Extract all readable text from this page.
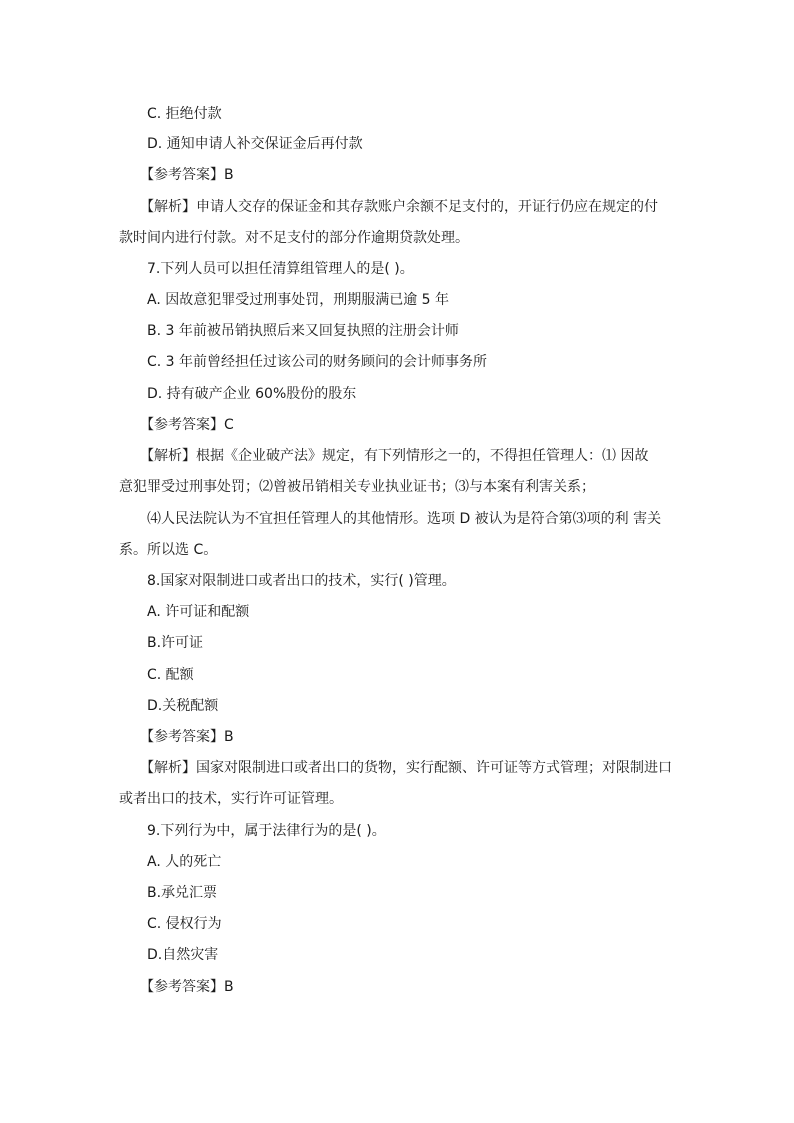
C. 拒绝付款
D. 通知申请人补交保证金后再付款
【参考答案】B
【解析】申请人交存的保证金和其存款账户余额不足支付的，开证行仍应在规定的付
款时间内进行付款。对不足支付的部分作逾期贷款处理。
7.下列人员可以担任清算组管理人的是( )。
A. 因故意犯罪受过刑事处罚，刑期服满已逾 5 年
B. 3 年前被吊销执照后来又回复执照的注册会计师
C. 3 年前曾经担任过该公司的财务顾问的会计师事务所
D. 持有破产企业 60%股份的股东
【参考答案】C
【解析】根据《企业破产法》规定，有下列情形之一的，不得担任管理人：⑴ 因故
意犯罪受过刑事处罚；⑵曾被吊销相关专业执业证书；⑶与本案有利害关系；
⑷人民法院认为不宜担任管理人的其他情形。选项 D 被认为是符合第⑶项的利 害关
系。所以选 C。
8.国家对限制进口或者出口的技术，实行( )管理。
A. 许可证和配额
B.许可证
C. 配额
D.关税配额
【参考答案】B
【解析】国家对限制进口或者出口的货物，实行配额、许可证等方式管理；对限制进口
或者出口的技术，实行许可证管理。
9.下列行为中，属于法律行为的是( )。
A. 人的死亡
B.承兑汇票
C. 侵权行为
D.自然灾害
【参考答案】B
